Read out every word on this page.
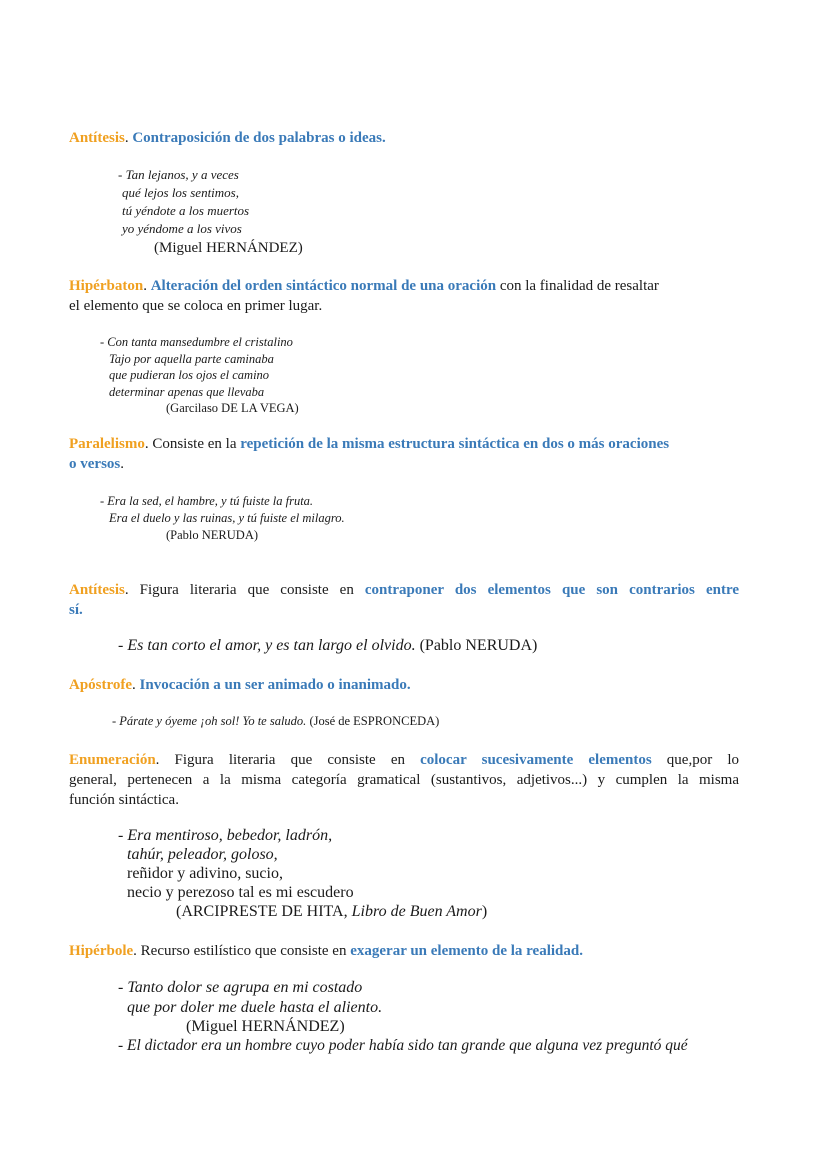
Antítesis. Contraposición de dos palabras o ideas.

- Tan lejanos, y a veces
qué lejos los sentimos,
tú yéndote a los muertos
yo yéndome a los vivos
(Miguel HERNÁNDEZ)

Hipérbaton. Alteración del orden sintáctico normal de una oración con la finalidad de resaltar

el elemento que se coloca en primer lugar.

- Con tanta mansedumbre el cristalino
Tajo por aquella parte caminaba
que pudieran los ojos el camino
determinar apenas que llevaba
(Garcilaso DE LA VEGA)

Paralelismo. Consiste en la repetición de la misma estructura sintáctica en dos o más oraciones

o versos.

- Era la sed, el hambre, y tú fuiste la fruta.
Era el duelo y las ruinas, y tú fuiste el milagro.
(Pablo NERUDA)

Antítesis. Figura literaria que consiste en contraponer dos elementos que son contrarios entre

sí.

- Es tan corto el amor, y es tan largo el olvido. (Pablo NERUDA)

Apóstrofe. Invocación a un ser animado o inanimado.

- Párate y óyeme ¡oh sol! Yo te saludo. (José de ESPRONCEDA)

Enumeración. Figura literaria que consiste en colocar sucesivamente elementos que,por lo

general, pertenecen a la misma categoría gramatical (sustantivos, adjetivos...) y cumplen la misma

función sintáctica.

- Era mentiroso, bebedor, ladrón,
tahúr, peleador, goloso,
reñidor y adivino, sucio,
necio y perezoso tal es mi escudero
(ARCIPRESTE DE HITA, Libro de Buen Amor)

Hipérbole. Recurso estilístico que consiste en exagerar un elemento de la realidad.

- Tanto dolor se agrupa en mi costado
que por doler me duele hasta el aliento.
(Miguel HERNÁNDEZ)
- El dictador era un hombre cuyo poder había sido tan grande que alguna vez preguntó qué
